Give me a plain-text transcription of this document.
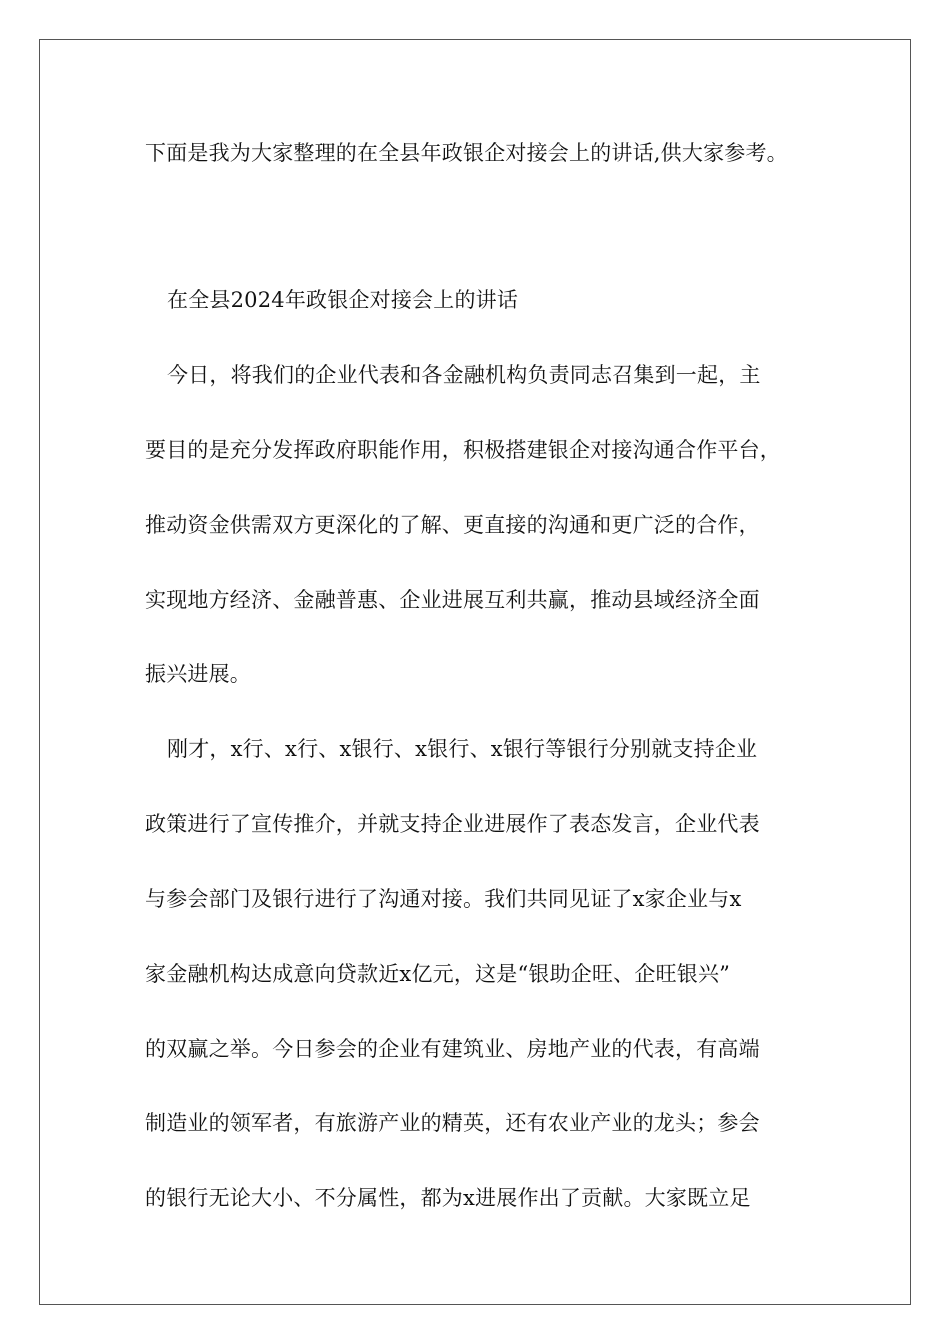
下面是我为大家整理的在全县年政银企对接会上的讲话,供大家参考。
在全县2024年政银企对接会上的讲话
今日，将我们的企业代表和各金融机构负责同志召集到一起，主
要目的是充分发挥政府职能作用，积极搭建银企对接沟通合作平台，
推动资金供需双方更深化的了解、更直接的沟通和更广泛的合作，
实现地方经济、金融普惠、企业进展互利共赢，推动县域经济全面
振兴进展。
刚才，x行、x行、x银行、x银行、x银行等银行分别就支持企业
政策进行了宣传推介，并就支持企业进展作了表态发言，企业代表
与参会部门及银行进行了沟通对接。我们共同见证了x家企业与x
家金融机构达成意向贷款近x亿元，这是“银助企旺、企旺银兴”
的双赢之举。今日参会的企业有建筑业、房地产业的代表，有高端
制造业的领军者，有旅游产业的精英，还有农业产业的龙头；参会
的银行无论大小、不分属性，都为x进展作出了贡献。大家既立足
